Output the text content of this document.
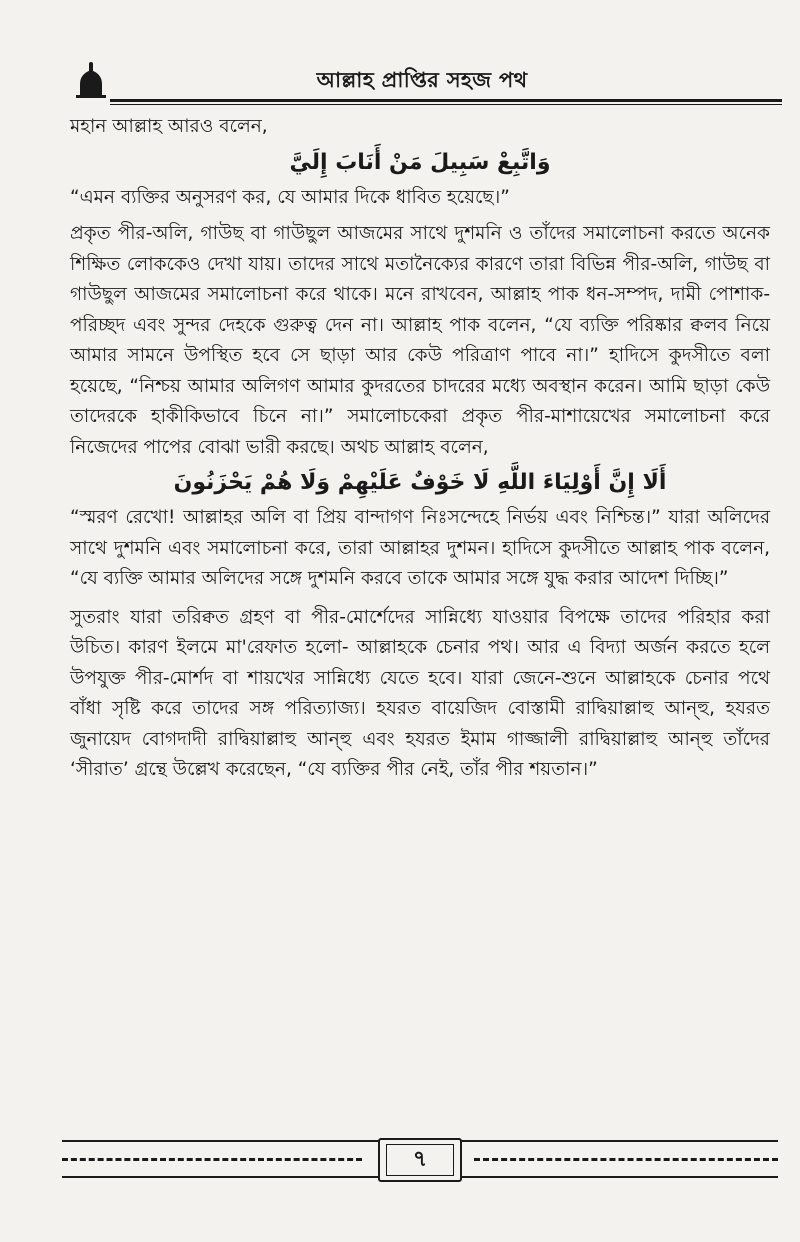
আল্লাহ প্রাপ্তির সহজ পথ

মহান আল্লাহ আরও বলেন,

وَاتَّبِعْ سَبِيلَ مَنْ أَنَابَ إِلَيَّ

“এমন ব্যক্তির অনুসরণ কর, যে আমার দিকে ধাবিত হয়েছে।”

প্রকৃত পীর-অলি, গাউছ বা গাউছুল আজমের সাথে দুশমনি ও তাঁদের সমালোচনা করতে অনেক শিক্ষিত লোককেও দেখা যায়। তাদের সাথে মতানৈক্যের কারণে তারা বিভিন্ন পীর-অলি, গাউছ বা গাউছুল আজমের সমালোচনা করে থাকে। মনে রাখবেন, আল্লাহ পাক ধন-সম্পদ, দামী পোশাক-পরিচ্ছদ এবং সুন্দর দেহকে গুরুত্ব দেন না। আল্লাহ পাক বলেন, “যে ব্যক্তি পরিষ্কার ক্বলব নিয়ে আমার সামনে উপস্থিত হবে সে ছাড়া আর কেউ পরিত্রাণ পাবে না।” হাদিসে কুদসীতে বলা হয়েছে, “নিশ্চয় আমার অলিগণ আমার কুদরতের চাদরের মধ্যে অবস্থান করেন। আমি ছাড়া কেউ তাদেরকে হাকীকিভাবে চিনে না।” সমালোচকেরা প্রকৃত পীর-মাশায়েখের সমালোচনা করে নিজেদের পাপের বোঝা ভারী করছে। অথচ আল্লাহ বলেন,

أَلَا إِنَّ أَوْلِيَاءَ اللَّهِ لَا خَوْفٌ عَلَيْهِمْ وَلَا هُمْ يَحْزَنُونَ

“স্মরণ রেখো! আল্লাহর অলি বা প্রিয় বান্দাগণ নিঃসন্দেহে নির্ভয় এবং নিশ্চিন্ত।” যারা অলিদের সাথে দুশমনি এবং সমালোচনা করে, তারা আল্লাহর দুশমন। হাদিসে কুদসীতে আল্লাহ পাক বলেন, “যে ব্যক্তি আমার অলিদের সঙ্গে দুশমনি করবে তাকে আমার সঙ্গে যুদ্ধ করার আদেশ দিচ্ছি।”

সুতরাং যারা তরিক্বত গ্রহণ বা পীর-মোর্শেদের সান্নিধ্যে যাওয়ার বিপক্ষে তাদের পরিহার করা উচিত। কারণ ইলমে মা'রেফাত হলো- আল্লাহকে চেনার পথ। আর এ বিদ্যা অর্জন করতে হলে উপযুক্ত পীর-মোর্শদ বা শায়খের সান্নিধ্যে যেতে হবে। যারা জেনে-শুনে আল্লাহকে চেনার পথে বাঁধা সৃষ্টি করে তাদের সঙ্গ পরিত্যাজ্য। হযরত বায়েজিদ বোস্তামী রাদ্বিয়াল্লাহু আন্হু, হযরত জুনায়েদ বোগদাদী রাদ্বিয়াল্লাহু আন্হু এবং হযরত ইমাম গাজ্জালী রাদ্বিয়াল্লাহু আন্হু তাঁদের ‘সীরাত’ গ্রন্থে উল্লেখ করেছেন, “যে ব্যক্তির পীর নেই, তাঁর পীর শয়তান।”

৭
